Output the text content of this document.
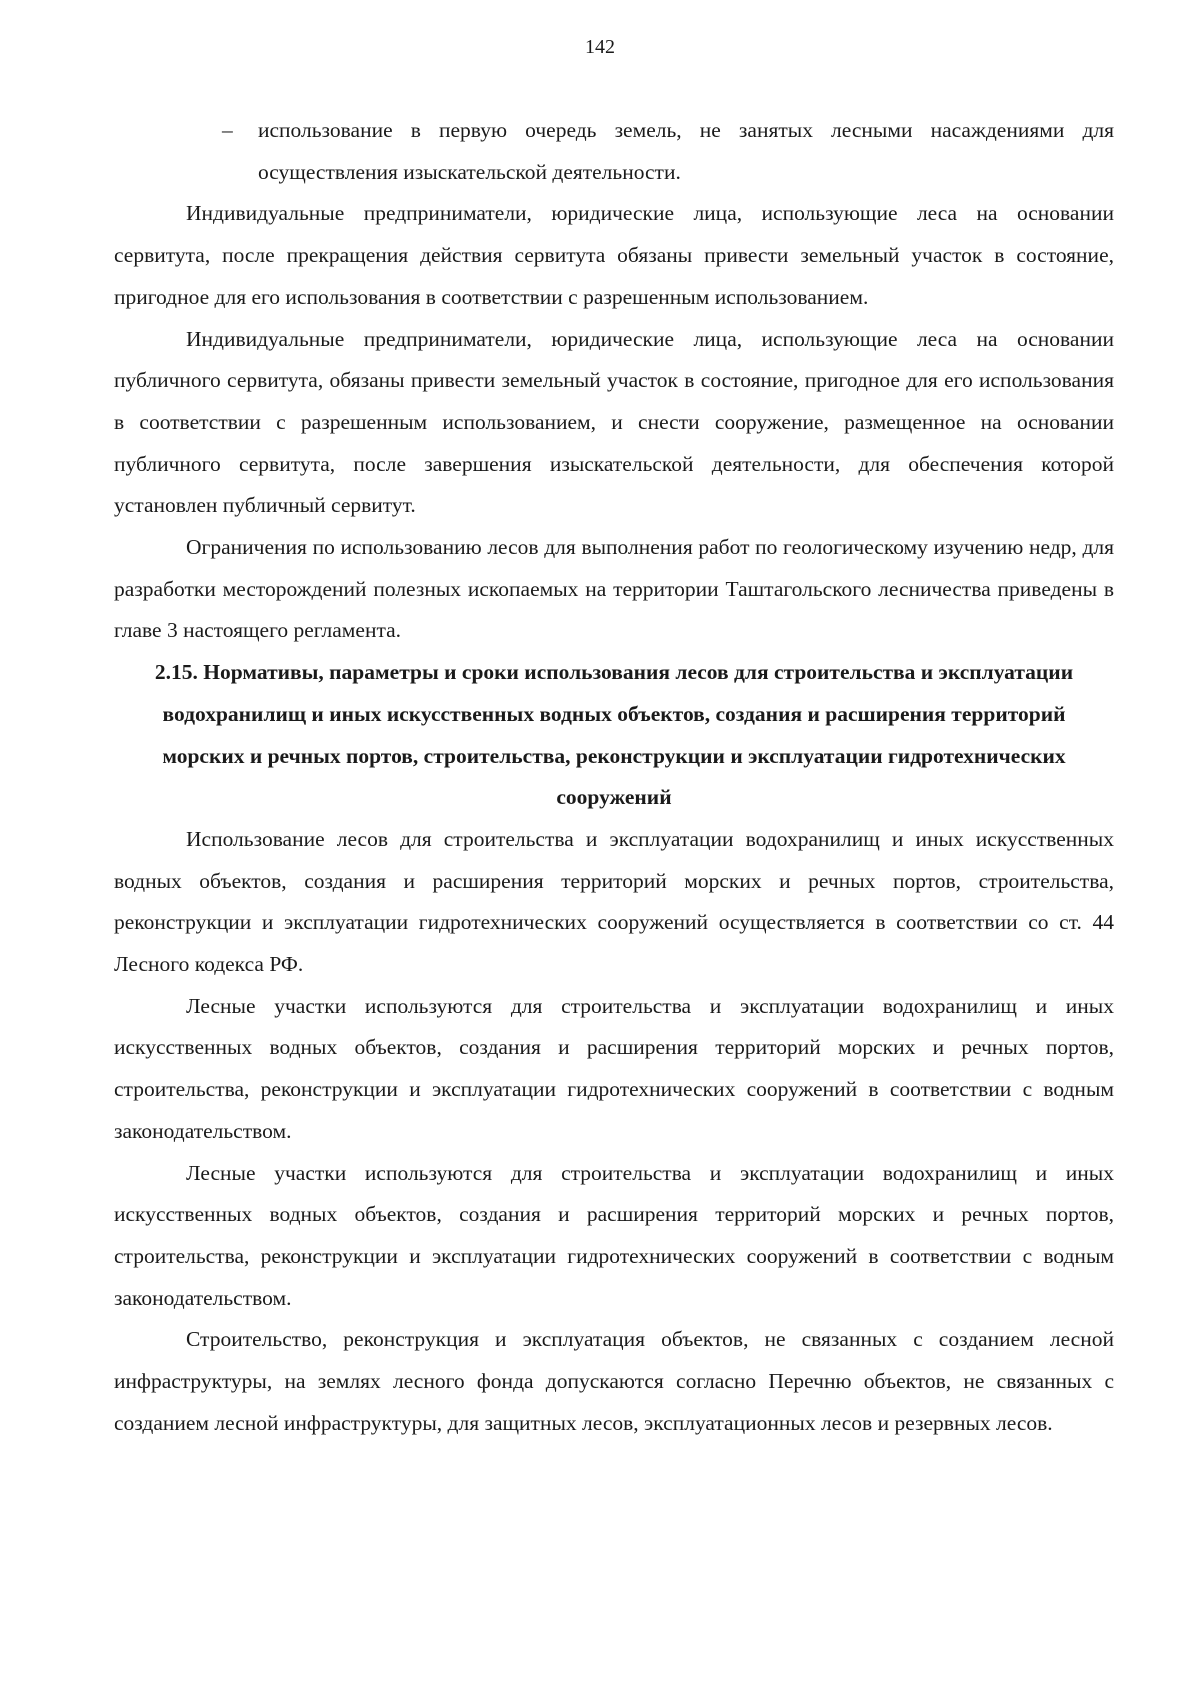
142
– использование в первую очередь земель, не занятых лесными насаждениями для осуществления изыскательской деятельности.

Индивидуальные предприниматели, юридические лица, использующие леса на основании сервитута, после прекращения действия сервитута обязаны привести земельный участок в состояние, пригодное для его использования в соответствии с разрешенным использованием.

Индивидуальные предприниматели, юридические лица, использующие леса на основании публичного сервитута, обязаны привести земельный участок в состояние, пригодное для его использования в соответствии с разрешенным использованием, и снести сооружение, размещенное на основании публичного сервитута, после завершения изыскательской деятельности, для обеспечения которой установлен публичный сервитут.

Ограничения по использованию лесов для выполнения работ по геологическому изучению недр, для разработки месторождений полезных ископаемых на территории Таштагольского лесничества приведены в главе 3 настоящего регламента.

2.15. Нормативы, параметры и сроки использования лесов для строительства и эксплуатации водохранилищ и иных искусственных водных объектов, создания и расширения территорий морских и речных портов, строительства, реконструкции и эксплуатации гидротехнических сооружений

Использование лесов для строительства и эксплуатации водохранилищ и иных искусственных водных объектов, создания и расширения территорий морских и речных портов, строительства, реконструкции и эксплуатации гидротехнических сооружений осуществляется в соответствии со ст. 44 Лесного кодекса РФ.

Лесные участки используются для строительства и эксплуатации водохранилищ и иных искусственных водных объектов, создания и расширения территорий морских и речных портов, строительства, реконструкции и эксплуатации гидротехнических сооружений в соответствии с водным законодательством.

Лесные участки используются для строительства и эксплуатации водохранилищ и иных искусственных водных объектов, создания и расширения территорий морских и речных портов, строительства, реконструкции и эксплуатации гидротехнических сооружений в соответствии с водным законодательством.

Строительство, реконструкция и эксплуатация объектов, не связанных с созданием лесной инфраструктуры, на землях лесного фонда допускаются согласно Перечню объектов, не связанных с созданием лесной инфраструктуры, для защитных лесов, эксплуатационных лесов и резервных лесов.
